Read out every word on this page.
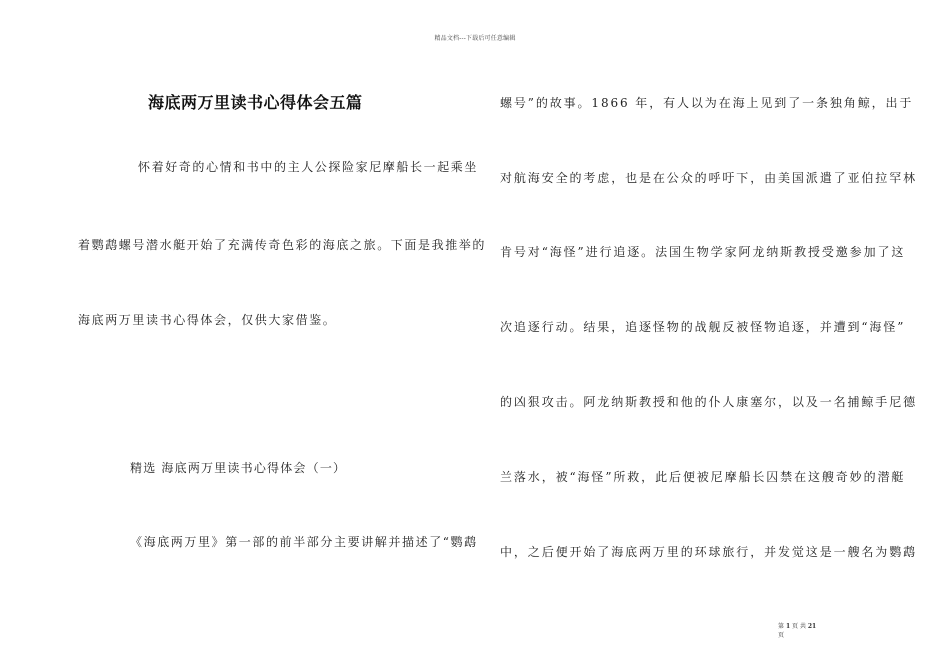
精品文档---下载后可任意编辑
海底两万里读书心得体会五篇
怀着好奇的心情和书中的主人公探险家尼摩船长一起乘坐
着鹦鹉螺号潜水艇开始了充满传奇色彩的海底之旅。下面是我推举的
海底两万里读书心得体会，仅供大家借鉴。
精选 海底两万里读书心得体会（一）
《海底两万里》第一部的前半部分主要讲解并描述了“鹦鹉
螺号”的故事。1866 年，有人以为在海上见到了一条独角鲸，出于
对航海安全的考虑，也是在公众的呼吁下，由美国派遣了亚伯拉罕林
肯号对“海怪”进行追逐。法国生物学家阿龙纳斯教授受邀参加了这
次追逐行动。结果，追逐怪物的战舰反被怪物追逐，并遭到“海怪”
的凶狠攻击。阿龙纳斯教授和他的仆人康塞尔，以及一名捕鲸手尼德
兰落水，被“海怪”所救，此后便被尼摩船长囚禁在这艘奇妙的潜艇
中，之后便开始了海底两万里的环球旅行，并发觉这是一艘名为鹦鹉
第 1 页 共 21
页
